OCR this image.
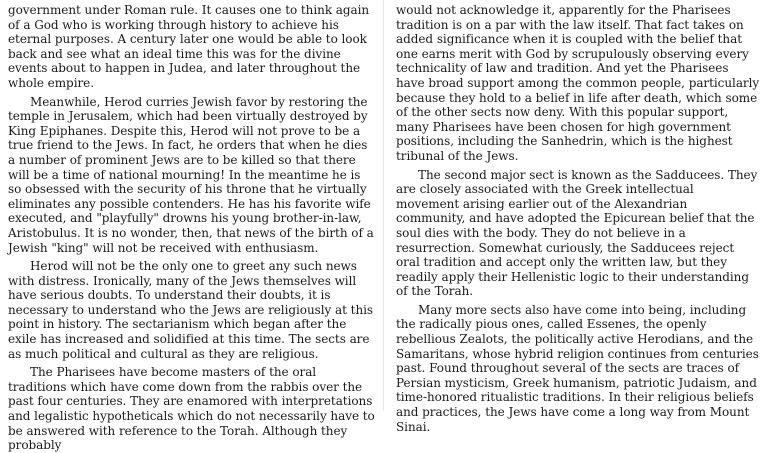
government under Roman rule. It causes one to think again of a God who is working through history to achieve his eternal purposes. A century later one would be able to look back and see what an ideal time this was for the divine events about to happen in Judea, and later throughout the whole empire.

Meanwhile, Herod curries Jewish favor by restoring the temple in Jerusalem, which had been virtually destroyed by King Epiphanes. Despite this, Herod will not prove to be a true friend to the Jews. In fact, he orders that when he dies a number of prominent Jews are to be killed so that there will be a time of national mourning! In the meantime he is so obsessed with the security of his throne that he virtually eliminates any possible contenders. He has his favorite wife executed, and "playfully" drowns his young brother-in-law, Aristobulus. It is no wonder, then, that news of the birth of a Jewish "king" will not be received with enthusiasm.

Herod will not be the only one to greet any such news with distress. Ironically, many of the Jews themselves will have serious doubts. To understand their doubts, it is necessary to understand who the Jews are religiously at this point in history. The sectarianism which began after the exile has increased and solidified at this time. The sects are as much political and cultural as they are religious.

The Pharisees have become masters of the oral traditions which have come down from the rabbis over the past four centuries. They are enamored with interpretations and legalistic hypotheticals which do not necessarily have to be answered with reference to the Torah. Although they probably

would not acknowledge it, apparently for the Pharisees tradition is on a par with the law itself. That fact takes on added significance when it is coupled with the belief that one earns merit with God by scrupulously observing every technicality of law and tradition. And yet the Pharisees have broad support among the common people, particularly because they hold to a belief in life after death, which some of the other sects now deny. With this popular support, many Pharisees have been chosen for high government positions, including the Sanhedrin, which is the highest tribunal of the Jews.

The second major sect is known as the Sadducees. They are closely associated with the Greek intellectual movement arising earlier out of the Alexandrian community, and have adopted the Epicurean belief that the soul dies with the body. They do not believe in a resurrection. Somewhat curiously, the Sadducees reject oral tradition and accept only the written law, but they readily apply their Hellenistic logic to their understanding of the Torah.

Many more sects also have come into being, including the radically pious ones, called Essenes, the openly rebellious Zealots, the politically active Herodians, and the Samaritans, whose hybrid religion continues from centuries past. Found throughout several of the sects are traces of Persian mysticism, Greek humanism, patriotic Judaism, and time-honored ritualistic traditions. In their religious beliefs and practices, the Jews have come a long way from Mount Sinai.
